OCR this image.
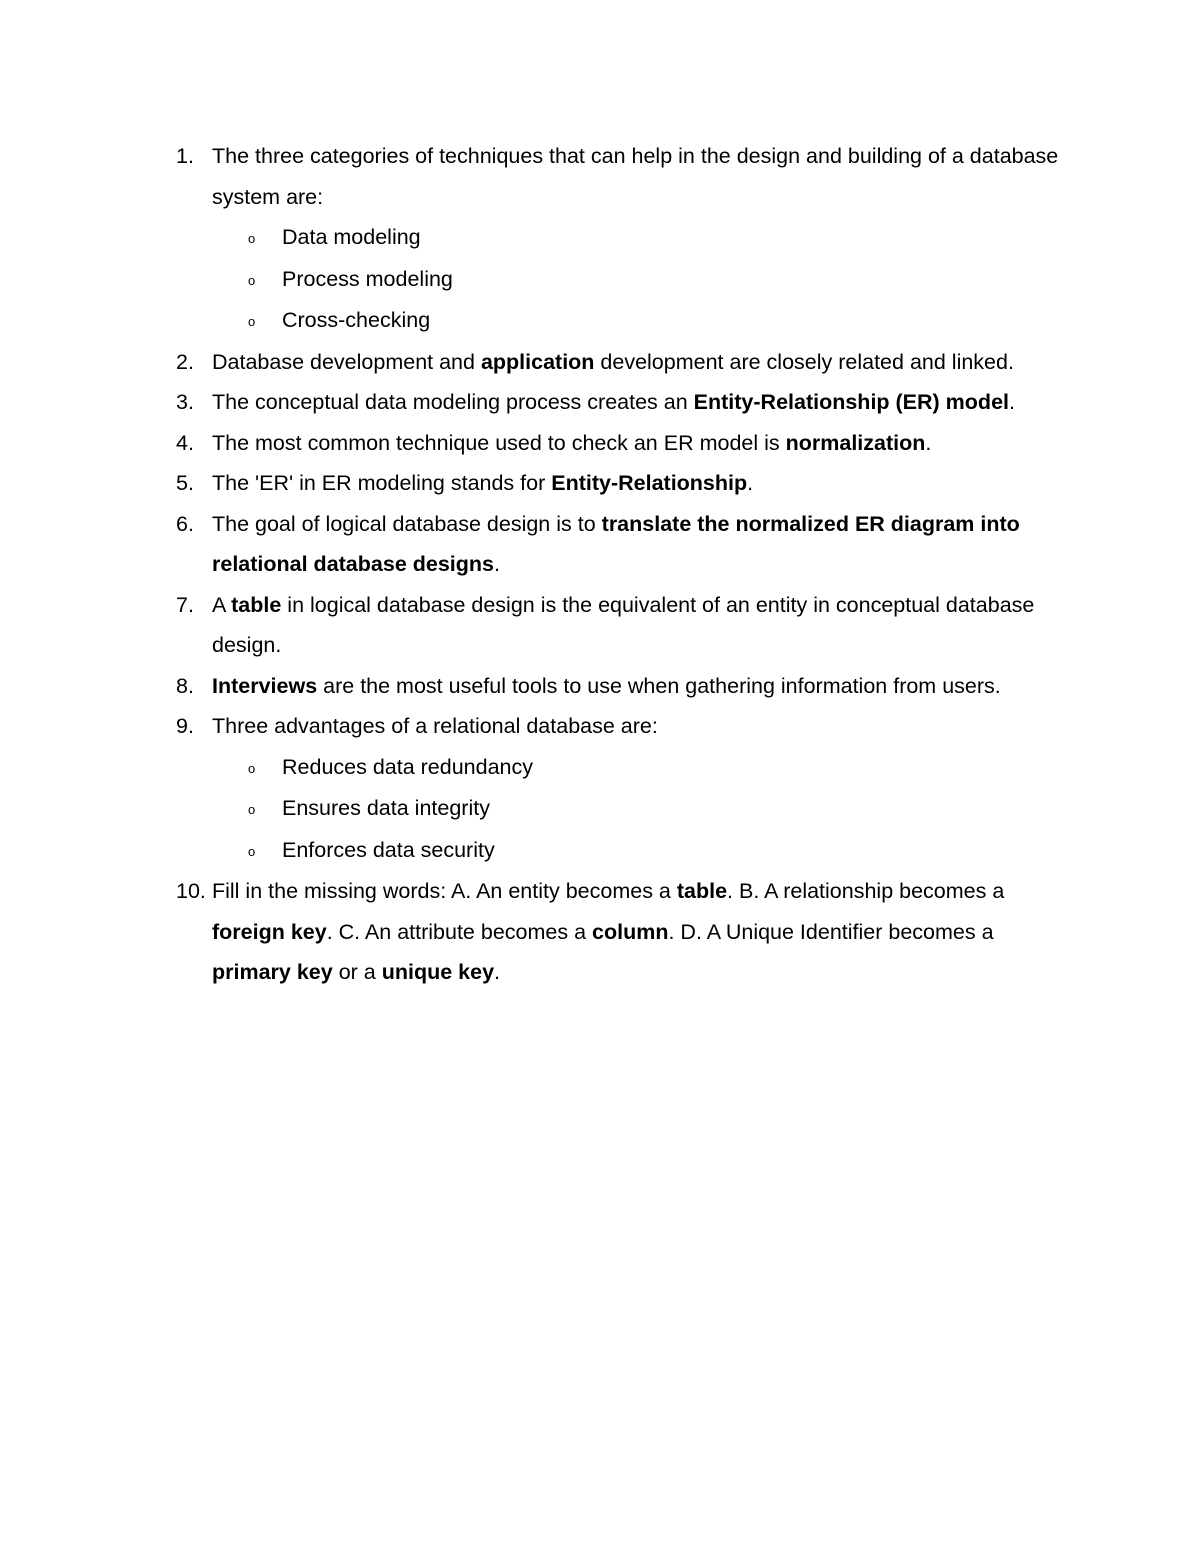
1. The three categories of techniques that can help in the design and building of a database system are:
o Data modeling
o Process modeling
o Cross-checking
2. Database development and application development are closely related and linked.
3. The conceptual data modeling process creates an Entity-Relationship (ER) model.
4. The most common technique used to check an ER model is normalization.
5. The 'ER' in ER modeling stands for Entity-Relationship.
6. The goal of logical database design is to translate the normalized ER diagram into relational database designs.
7. A table in logical database design is the equivalent of an entity in conceptual database design.
8. Interviews are the most useful tools to use when gathering information from users.
9. Three advantages of a relational database are:
o Reduces data redundancy
o Ensures data integrity
o Enforces data security
10. Fill in the missing words: A. An entity becomes a table. B. A relationship becomes a foreign key. C. An attribute becomes a column. D. A Unique Identifier becomes a primary key or a unique key.
